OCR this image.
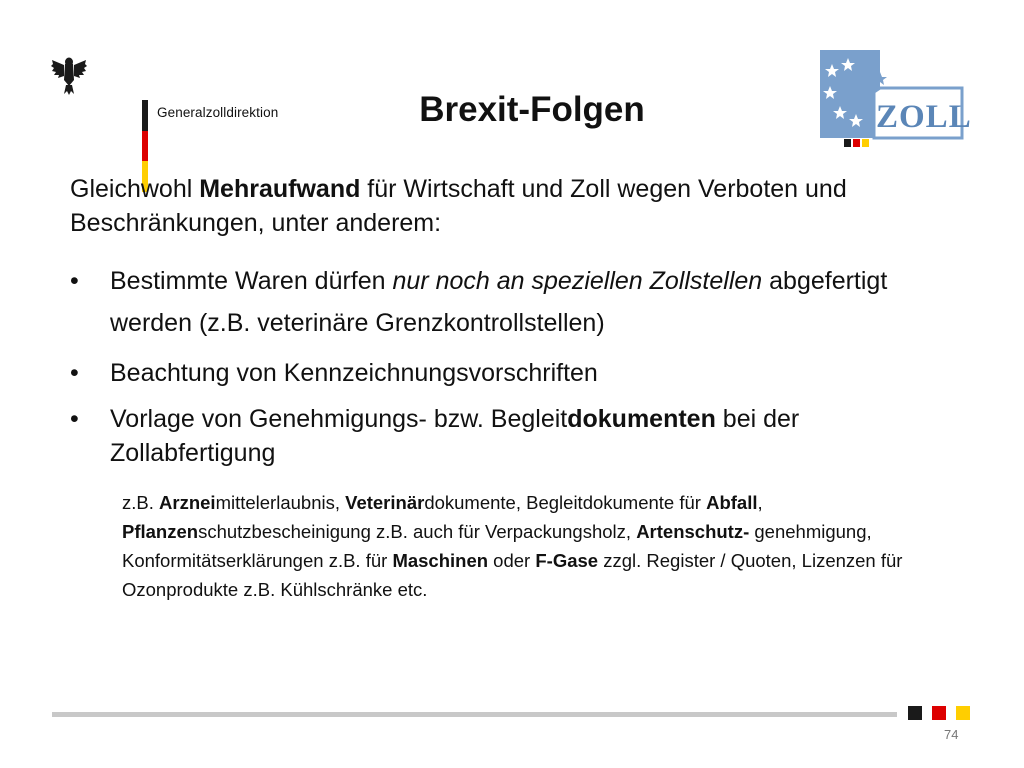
Generalzolldirektion	Brexit-Folgen	ZOLL

Gleichwohl Mehraufwand für Wirtschaft und Zoll wegen Verboten und Beschränkungen, unter anderem:

• Bestimmte Waren dürfen nur noch an speziellen Zollstellen abgefertigt werden (z.B. veterinäre Grenzkontrollstellen)
• Beachtung von Kennzeichnungsvorschriften
• Vorlage von Genehmigungs- bzw. Begleitdokumenten bei der Zollabfertigung

z.B. Arzneimittelerlaubnis, Veterinärdokumente, Begleitdokumente für Abfall, Pflanzenschutzbescheinigung z.B. auch für Verpackungsholz, Artenschutz- genehmigung, Konformitätserklärungen z.B. für Maschinen oder F-Gase zzgl. Register / Quoten, Lizenzen für Ozonprodukte z.B. Kühlschränke etc.

74
